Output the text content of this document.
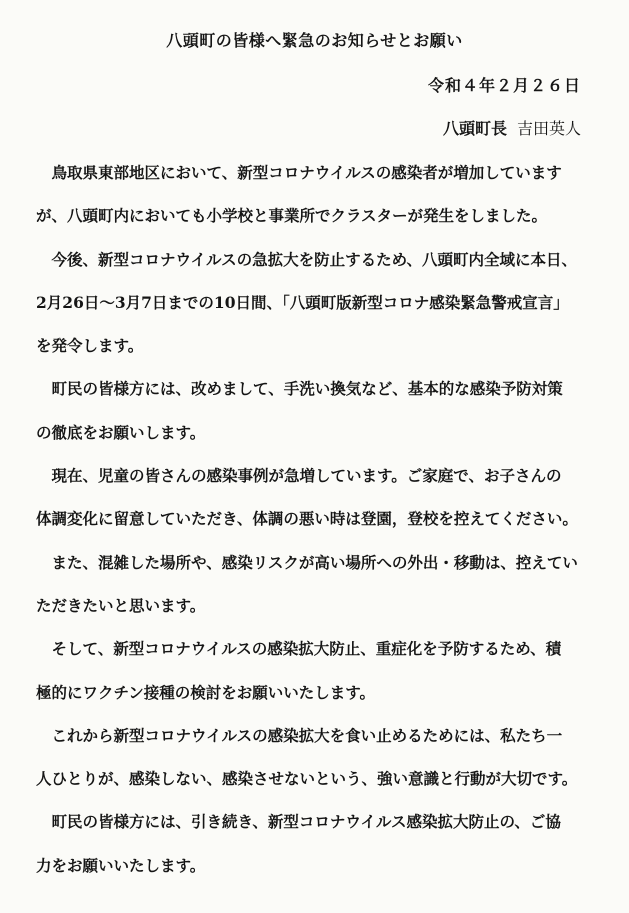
八頭町の皆様へ緊急のお知らせとお願い
令和４年２月２６日
八頭町長 吉田英人

鳥取県東部地区において、新型コロナウイルスの感染者が増加しています
が、八頭町内においても小学校と事業所でクラスターが発生をしました。

今後、新型コロナウイルスの急拡大を防止するため、八頭町内全域に本日、
2月26日～3月7日までの10日間、「八頭町版新型コロナ感染緊急警戒宣言」
を発令します。

町民の皆様方には、改めまして、手洗い換気など、基本的な感染予防対策
の徹底をお願いします。

現在、児童の皆さんの感染事例が急増しています。ご家庭で、お子さんの
体調変化に留意していただき、体調の悪い時は登園，登校を控えてください。

また、混雑した場所や、感染リスクが高い場所への外出・移動は、控えてい
ただきたいと思います。

そして、新型コロナウイルスの感染拡大防止、重症化を予防するため、積
極的にワクチン接種の検討をお願いいたします。

これから新型コロナウイルスの感染拡大を食い止めるためには、私たち一
人ひとりが、感染しない、感染させないという、強い意識と行動が大切です。

町民の皆様方には、引き続き、新型コロナウイルス感染拡大防止の、ご協
力をお願いいたします。
